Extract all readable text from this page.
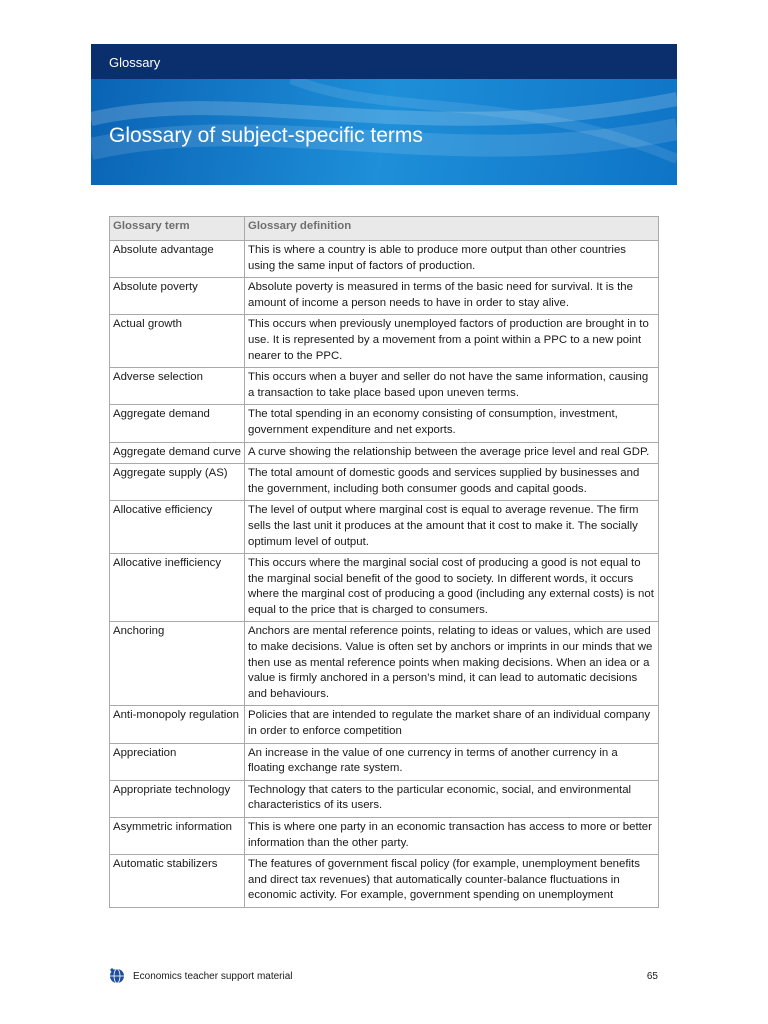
Glossary
Glossary of subject-specific terms
Glossary term	Glossary definition
Absolute advantage	This is where a country is able to produce more output than other countries using the same input of factors of production.
Absolute poverty	Absolute poverty is measured in terms of the basic need for survival. It is the amount of income a person needs to have in order to stay alive.
Actual growth	This occurs when previously unemployed factors of production are brought in to use. It is represented by a movement from a point within a PPC to a new point nearer to the PPC.
Adverse selection	This occurs when a buyer and seller do not have the same information, causing a transaction to take place based upon uneven terms.
Aggregate demand	The total spending in an economy consisting of consumption, investment, government expenditure and net exports.
Aggregate demand curve	A curve showing the relationship between the average price level and real GDP.
Aggregate supply (AS)	The total amount of domestic goods and services supplied by businesses and the government, including both consumer goods and capital goods.
Allocative efficiency	The level of output where marginal cost is equal to average revenue. The firm sells the last unit it produces at the amount that it cost to make it. The socially optimum level of output.
Allocative inefficiency	This occurs where the marginal social cost of producing a good is not equal to the marginal social benefit of the good to society. In different words, it occurs where the marginal cost of producing a good (including any external costs) is not equal to the price that is charged to consumers.
Anchoring	Anchors are mental reference points, relating to ideas or values, which are used to make decisions. Value is often set by anchors or imprints in our minds that we then use as mental reference points when making decisions. When an idea or a value is firmly anchored in a person’s mind, it can lead to automatic decisions and behaviours.
Anti-monopoly regulation	Policies that are intended to regulate the market share of an individual company in order to enforce competition
Appreciation	An increase in the value of one currency in terms of another currency in a floating exchange rate system.
Appropriate technology	Technology that caters to the particular economic, social, and environmental characteristics of its users.
Asymmetric information	This is where one party in an economic transaction has access to more or better information than the other party.
Automatic stabilizers	The features of government fiscal policy (for example, unemployment benefits and direct tax revenues) that automatically counter-balance fluctuations in economic activity. For example, government spending on unemployment
Economics teacher support material	65
